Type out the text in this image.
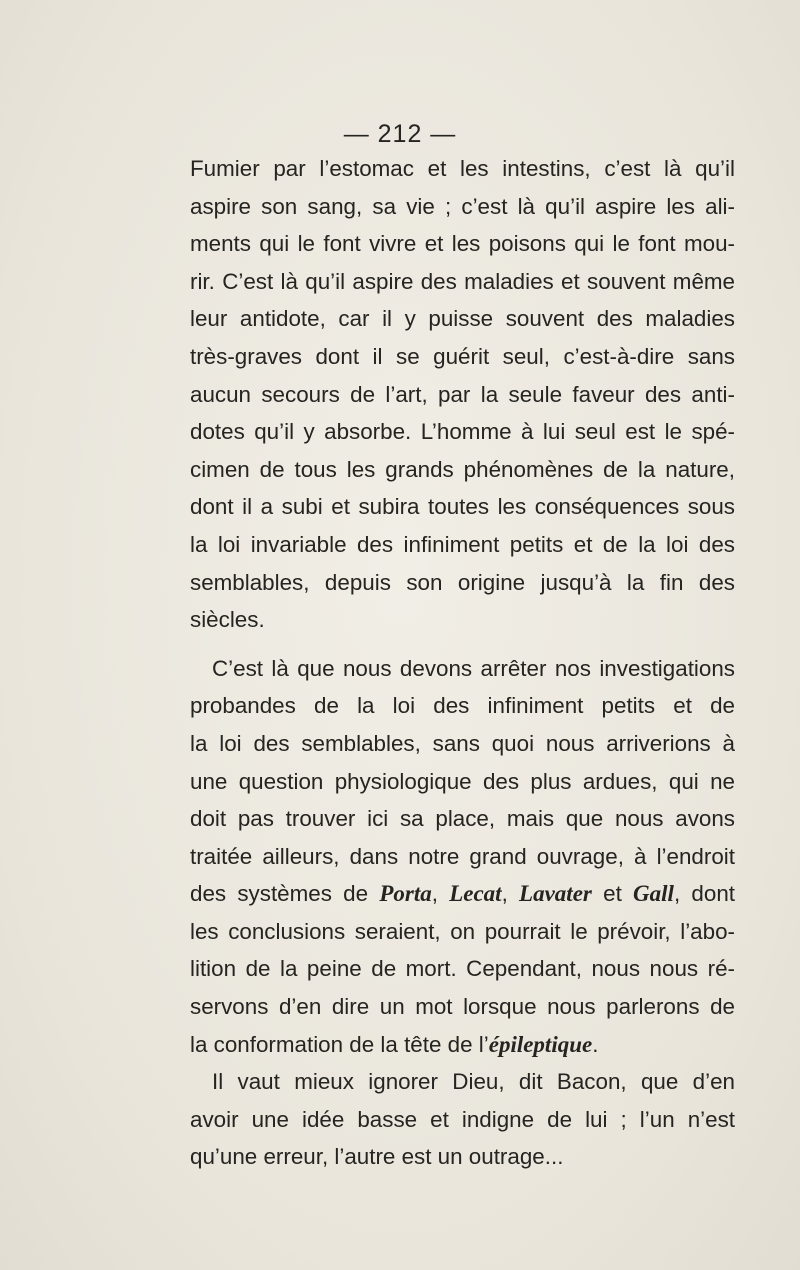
— 212 —
Fumier par l’estomac et les intestins, c’est là qu’il
aspire son sang, sa vie ; c’est là qu’il aspire les ali-
ments qui le font vivre et les poisons qui le font mou-
rir. C’est là qu’il aspire des maladies et souvent même
leur antidote, car il y puisse souvent des maladies
très-graves dont il se guérit seul, c’est-à-dire sans
aucun secours de l’art, par la seule faveur des anti-
dotes qu’il y absorbe. L’homme à lui seul est le spé-
cimen de tous les grands phénomènes de la nature,
dont il a subi et subira toutes les conséquences sous
la loi invariable des infiniment petits et de la loi des
semblables, depuis son origine jusqu’à la fin des
siècles.
C’est là que nous devons arrêter nos investigations
probandes de la loi des infiniment petits et de
la loi des semblables, sans quoi nous arriverions à
une question physiologique des plus ardues, qui ne
doit pas trouver ici sa place, mais que nous avons
traitée ailleurs, dans notre grand ouvrage, à l’endroit
des systèmes de Porta, Lecat, Lavater et Gall, dont
les conclusions seraient, on pourrait le prévoir, l’abo-
lition de la peine de mort. Cependant, nous nous ré-
servons d’en dire un mot lorsque nous parlerons de
la conformation de la tête de l’épileptique.
Il vaut mieux ignorer Dieu, dit Bacon, que d’en
avoir une idée basse et indigne de lui ; l’un n’est
qu’une erreur, l’autre est un outrage...
